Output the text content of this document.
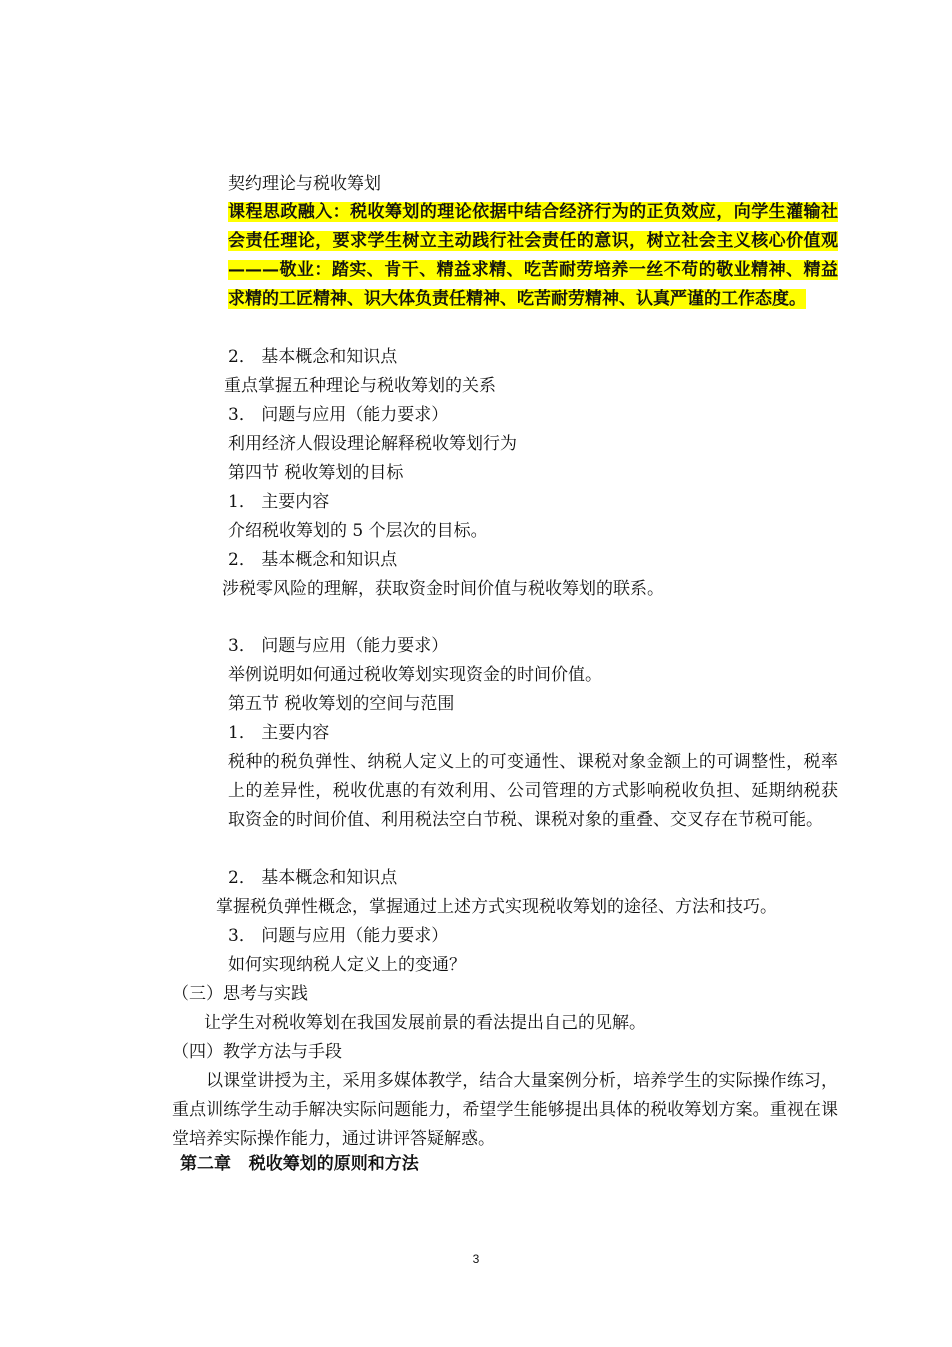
契约理论与税收筹划
课程思政融入：税收筹划的理论依据中结合经济行为的正负效应，向学生灌输社会责任理论，要求学生树立主动践行社会责任的意识，树立社会主义核心价值观———敬业：踏实、肯干、精益求精、吃苦耐劳培养一丝不苟的敬业精神、精益求精的工匠精神、识大体负责任精神、吃苦耐劳精神、认真严谨的工作态度。
2． 基本概念和知识点
重点掌握五种理论与税收筹划的关系
3． 问题与应用（能力要求）
利用经济人假设理论解释税收筹划行为
第四节 税收筹划的目标
1． 主要内容
介绍税收筹划的 5 个层次的目标。
2． 基本概念和知识点
涉税零风险的理解，获取资金时间价值与税收筹划的联系。
3． 问题与应用（能力要求）
举例说明如何通过税收筹划实现资金的时间价值。
第五节 税收筹划的空间与范围
1． 主要内容
税种的税负弹性、纳税人定义上的可变通性、课税对象金额上的可调整性，税率上的差异性，税收优惠的有效利用、公司管理的方式影响税收负担、延期纳税获取资金的时间价值、利用税法空白节税、课税对象的重叠、交叉存在节税可能。
2． 基本概念和知识点
掌握税负弹性概念，掌握通过上述方式实现税收筹划的途径、方法和技巧。
3． 问题与应用（能力要求）
如何实现纳税人定义上的变通？
（三）思考与实践
让学生对税收筹划在我国发展前景的看法提出自己的见解。
（四）教学方法与手段
以课堂讲授为主，采用多媒体教学，结合大量案例分析，培养学生的实际操作练习，重点训练学生动手解决实际问题能力，希望学生能够提出具体的税收筹划方案。重视在课堂培养实际操作能力，通过讲评答疑解惑。
第二章   税收筹划的原则和方法
3
